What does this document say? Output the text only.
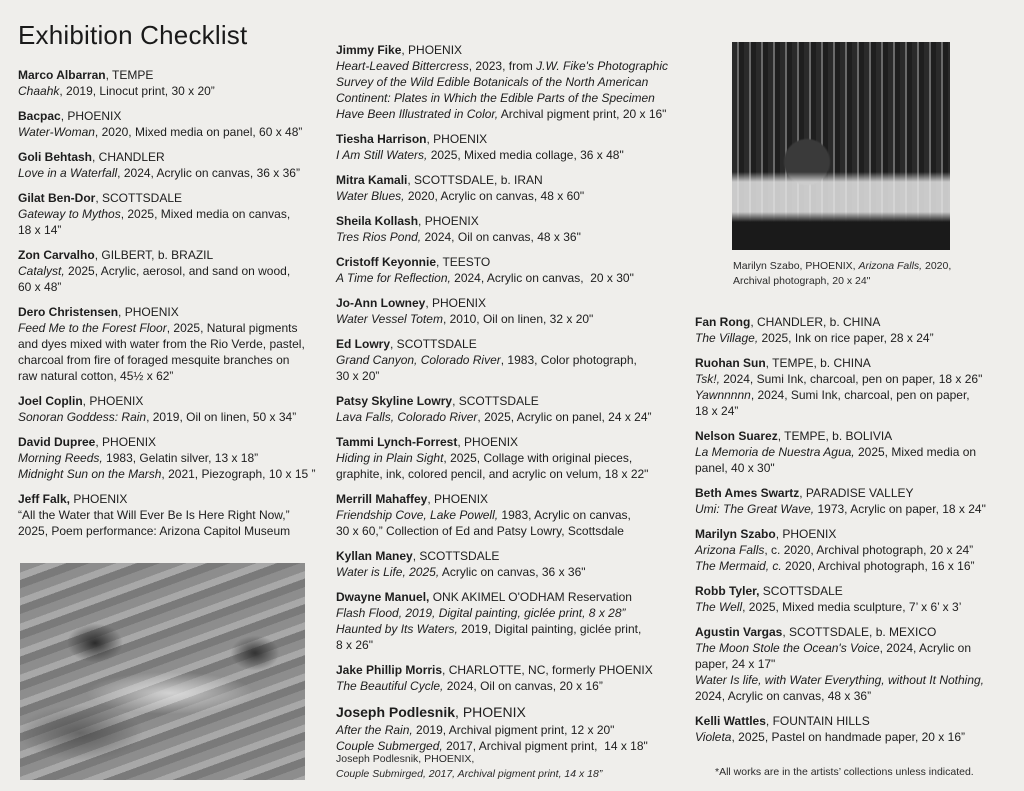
Exhibition Checklist
Marco Albarran, TEMPE
Chaahk, 2019, Linocut print, 30 x 20”
Bacpac, PHOENIX
Water-Woman, 2020, Mixed media on panel, 60 x 48”
Goli Behtash, CHANDLER
Love in a Waterfall, 2024, Acrylic on canvas, 36 x 36”
Gilat Ben-Dor, SCOTTSDALE
Gateway to Mythos, 2025, Mixed media on canvas,
18 x 14”
Zon Carvalho, GILBERT, b. BRAZIL
Catalyst, 2025, Acrylic, aerosol, and sand on wood,
60 x 48”
Dero Christensen, PHOENIX
Feed Me to the Forest Floor, 2025, Natural pigments
and dyes mixed with water from the Rio Verde, pastel,
charcoal from fire of foraged mesquite branches on
raw natural cotton, 45½ x 62”
Joel Coplin, PHOENIX
Sonoran Goddess: Rain, 2019, Oil on linen, 50 x 34”
David Dupree, PHOENIX
Morning Reeds, 1983, Gelatin silver, 13 x 18”
Midnight Sun on the Marsh, 2021, Piezograph, 10 x 15 ”
Jeff Falk, PHOENIX
“All the Water that Will Ever Be Is Here Right Now,”
2025, Poem performance: Arizona Capitol Museum
Jimmy Fike, PHOENIX
Heart-Leaved Bittercress, 2023, from J.W. Fike's Photographic
Survey of the Wild Edible Botanicals of the North American
Continent: Plates in Which the Edible Parts of the Specimen
Have Been Illustrated in Color, Archival pigment print, 20 x 16"
Tiesha Harrison, PHOENIX
I Am Still Waters, 2025, Mixed media collage, 36 x 48"
Mitra Kamali, SCOTTSDALE, b. IRAN
Water Blues, 2020, Acrylic on canvas, 48 x 60"
Sheila Kollash, PHOENIX
Tres Rios Pond, 2024, Oil on canvas, 48 x 36"
Cristoff Keyonnie, TEESTO
A Time for Reflection, 2024, Acrylic on canvas,  20 x 30"
Jo-Ann Lowney, PHOENIX
Water Vessel Totem, 2010, Oil on linen, 32 x 20"
Ed Lowry, SCOTTSDALE
Grand Canyon, Colorado River, 1983, Color photograph,
30 x 20”
Patsy Skyline Lowry, SCOTTSDALE
Lava Falls, Colorado River, 2025, Acrylic on panel, 24 x 24”
Tammi Lynch-Forrest, PHOENIX
Hiding in Plain Sight, 2025, Collage with original pieces,
graphite, ink, colored pencil, and acrylic on velum, 18 x 22"
Merrill Mahaffey, PHOENIX
Friendship Cove, Lake Powell, 1983, Acrylic on canvas,
30 x 60,” Collection of Ed and Patsy Lowry, Scottsdale
Kyllan Maney, SCOTTSDALE
Water is Life, 2025, Acrylic on canvas, 36 x 36"
Dwayne Manuel, ONK AKIMEL O'ODHAM Reservation
Flash Flood, 2019, Digital painting, giclée print, 8 x 28”
Haunted by Its Waters, 2019, Digital painting, giclée print,
8 x 26"
Jake Phillip Morris, CHARLOTTE, NC, formerly PHOENIX
The Beautiful Cycle, 2024, Oil on canvas, 20 x 16”
Joseph Podlesnik, PHOENIX
After the Rain, 2019, Archival pigment print, 12 x 20"
Couple Submerged, 2017, Archival pigment print,  14 x 18"
Fan Rong, CHANDLER, b. CHINA
The Village, 2025, Ink on rice paper, 28 x 24”
Ruohan Sun, TEMPE, b. CHINA
Tsk!, 2024, Sumi Ink, charcoal, pen on paper, 18 x 26"
Yawnnnnn, 2024, Sumi Ink, charcoal, pen on paper,
18 x 24”
Nelson Suarez, TEMPE, b. BOLIVIA
La Memoria de Nuestra Agua, 2025, Mixed media on
panel, 40 x 30"
Beth Ames Swartz, PARADISE VALLEY
Umi: The Great Wave, 1973, Acrylic on paper, 18 x 24"
Marilyn Szabo, PHOENIX
Arizona Falls, c. 2020, Archival photograph, 20 x 24”
The Mermaid, c. 2020, Archival photograph, 16 x 16”
Robb Tyler, SCOTTSDALE
The Well, 2025, Mixed media sculpture, 7’ x 6’ x 3’
Agustin Vargas, SCOTTSDALE, b. MEXICO
The Moon Stole the Ocean's Voice, 2024, Acrylic on
paper, 24 x 17"
Water Is life, with Water Everything, without It Nothing,
2024, Acrylic on canvas, 48 x 36”
Kelli Wattles, FOUNTAIN HILLS
Violeta, 2025, Pastel on handmade paper, 20 x 16”
Marilyn Szabo, PHOENIX, Arizona Falls, 2020,
Archival photograph, 20 x 24"
Joseph Podlesnik, PHOENIX,
Couple Submirged, 2017, Archival pigment print, 14 x 18”	*All works are in the artists’ collections unless indicated.
